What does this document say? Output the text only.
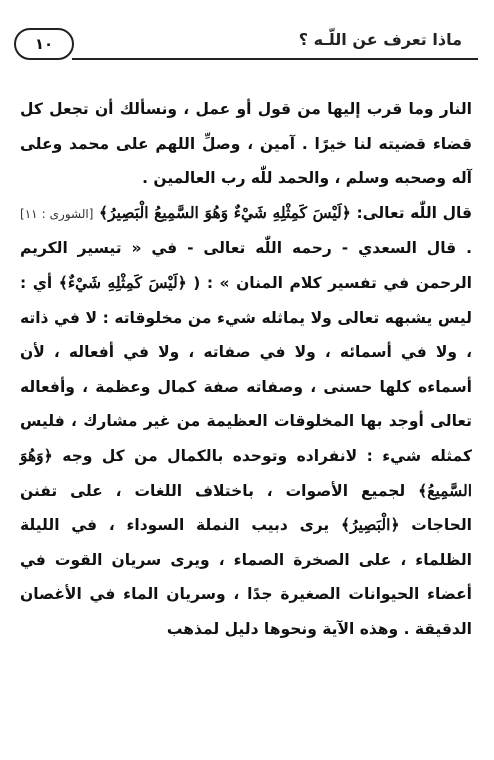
١٠	ماذا تعرف عن اللّـه ؟

النار وما قرب إليها من قول أو عمل ، ونسألك أن تجعل كل قضاء قضيته لنا خيرًا . آمين ، وصلِّ اللهم على محمد وعلى آله وصحبه وسلم ، والحمد للّٰه رب العالمين .

قال اللّٰه تعالى: ﴿لَيْسَ كَمِثْلِهِ شَيْءٌ وَهُوَ السَّمِيعُ الْبَصِيرُ﴾ [الشورى : ١١] . قال السعدي - رحمه اللّٰه تعالى - في « تيسير الكريم الرحمن في تفسير كلام المنان » : ( ﴿لَيْسَ كَمِثْلِهِ شَيْءٌ﴾ أي : ليس يشبهه تعالى ولا يماثله شيء من مخلوقاته : لا في ذاته ، ولا في أسمائه ، ولا في صفاته ، ولا في أفعاله ، لأن أسماءه كلها حسنى ، وصفاته صفة كمال وعظمة ، وأفعاله تعالى أوجد بها المخلوقات العظيمة من غير مشارك ، فليس كمثله شيء : لانفراده وتوحده بالكمال من كل وجه ﴿وَهُوَ السَّمِيعُ﴾ لجميع الأصوات ، باختلاف اللغات ، على تفنن الحاجات ﴿الْبَصِيرُ﴾ يرى دبيب النملة السوداء ، في الليلة الظلماء ، على الصخرة الصماء ، ويرى سريان القوت في أعضاء الحيوانات الصغيرة جدًا ، وسريان الماء في الأغصان الدقيقة . وهذه الآية ونحوها دليل لمذهب
